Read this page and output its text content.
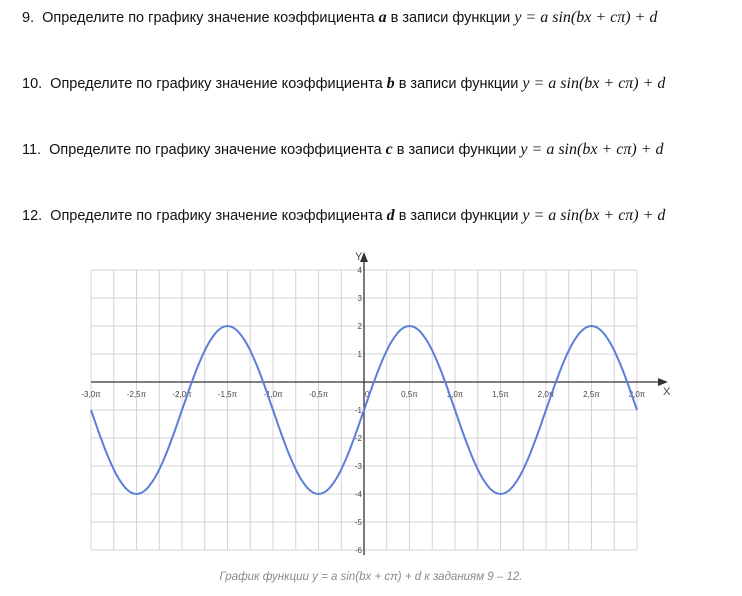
9. Определите по графику значение коэффициента a в записи функции y = a sin(bx + cπ) + d
10. Определите по графику значение коэффициента b в записи функции y = a sin(bx + cπ) + d
11. Определите по графику значение коэффициента c в записи функции y = a sin(bx + cπ) + d
12. Определите по графику значение коэффициента d в записи функции y = a sin(bx + cπ) + d
X
Y
-3,0π	-2,5π	-2,0π	-1,5π	-1,0π	-0,5π	0	0,5π	1,0π	1,5π	2,0π	2,5π	3,0π
4
3
2
1
-1
-2
-3
-4
-5
-6
График функции y = a sin(bx + cπ) + d к заданиям 9 – 12.
